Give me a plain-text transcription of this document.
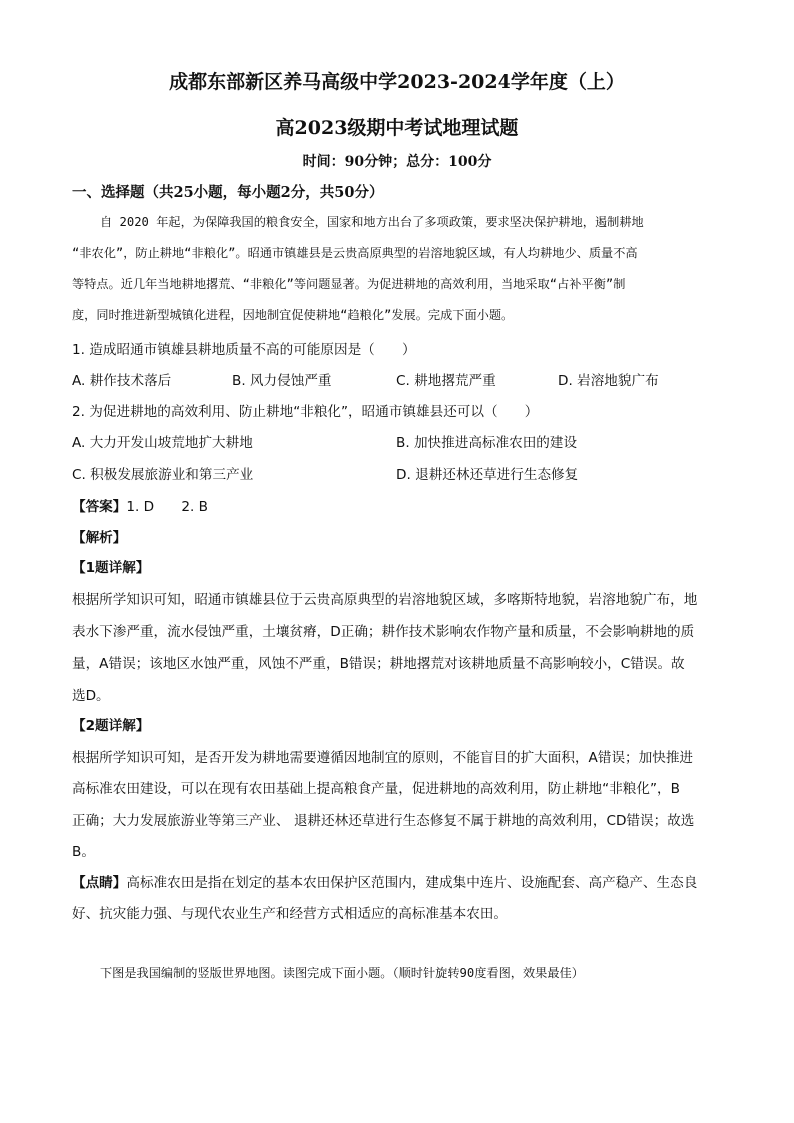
成都东部新区养马高级中学2023-2024学年度（上）
高2023级期中考试地理试题
时间：90分钟；总分：100分
一、选择题（共25小题，每小题2分，共50分）
自 2020 年起，为保障我国的粮食安全，国家和地方出台了多项政策，要求坚决保护耕地，遏制耕地
“非农化”，防止耕地“非粮化”。昭通市镇雄县是云贵高原典型的岩溶地貌区域，有人均耕地少、质量不高
等特点。近几年当地耕地撂荒、“非粮化”等问题显著。为促进耕地的高效利用，当地采取“占补平衡”制
度，同时推进新型城镇化进程，因地制宜促使耕地“趋粮化”发展。完成下面小题。
1. 造成昭通市镇雄县耕地质量不高的可能原因是（　　）
A. 耕作技术落后	B. 风力侵蚀严重	C. 耕地撂荒严重	D. 岩溶地貌广布
2. 为促进耕地的高效利用、防止耕地“非粮化”，昭通市镇雄县还可以（　　）
A. 大力开发山坡荒地扩大耕地	B. 加快推进高标准农田的建设
C. 积极发展旅游业和第三产业	D. 退耕还林还草进行生态修复
【答案】1. D　　2. B
【解析】
【1题详解】
根据所学知识可知，昭通市镇雄县位于云贵高原典型的岩溶地貌区域，多喀斯特地貌，岩溶地貌广布，地
表水下渗严重，流水侵蚀严重，土壤贫瘠，D正确；耕作技术影响农作物产量和质量，不会影响耕地的质
量，A错误；该地区水蚀严重，风蚀不严重，B错误；耕地撂荒对该耕地质量不高影响较小，C错误。故
选D。
【2题详解】
根据所学知识可知，是否开发为耕地需要遵循因地制宜的原则，不能盲目的扩大面积，A错误；加快推进
高标准农田建设，可以在现有农田基础上提高粮食产量，促进耕地的高效利用，防止耕地“非粮化”，B
正确；大力发展旅游业等第三产业、 退耕还林还草进行生态修复不属于耕地的高效利用，CD错误；故选
B。
【点睛】高标准农田是指在划定的基本农田保护区范围内，建成集中连片、设施配套、高产稳产、生态良
好、抗灾能力强、与现代农业生产和经营方式相适应的高标准基本农田。
下图是我国编制的竖版世界地图。读图完成下面小题。（顺时针旋转90度看图，效果最佳）
